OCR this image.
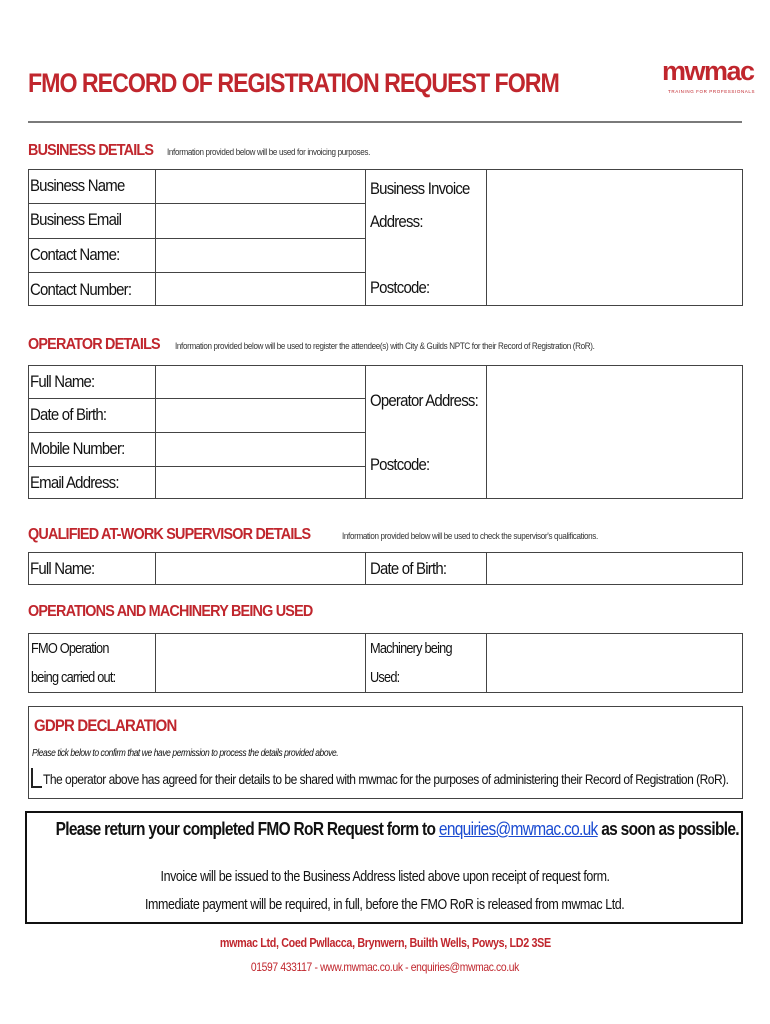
FMO RECORD OF REGISTRATION REQUEST FORM	mwmac
TRAINING FOR PROFESSIONALS
BUSINESS DETAILS Information provided below will be used for invoicing purposes.
Business Name
Business Email
Contact Name:
Contact Number:
Business Invoice
Address:
Postcode:
OPERATOR DETAILS Information provided below will be used to register the attendee(s) with City & Guilds NPTC for their Record of Registration (RoR).
Full Name:
Date of Birth:
Mobile Number:
Email Address:
Operator Address:
Postcode:
QUALIFIED AT-WORK SUPERVISOR DETAILS	Information provided below will be used to check the supervisor's qualifications.
Full Name:	Date of Birth:
OPERATIONS AND MACHINERY BEING USED
FMO Operation
being carried out:
Machinery being
Used:
GDPR DECLARATION
Please tick below to confirm that we have permission to process the details provided above.
The operator above has agreed for their details to be shared with mwmac for the purposes of administering their Record of Registration (RoR).
Please return your completed FMO RoR Request form to enquiries@mwmac.co.uk as soon as possible.
Invoice will be issued to the Business Address listed above upon receipt of request form.
Immediate payment will be required, in full, before the FMO RoR is released from mwmac Ltd.
mwmac Ltd, Coed Pwllacca, Brynwern, Builth Wells, Powys, LD2 3SE
01597 433117 - www.mwmac.co.uk - enquiries@mwmac.co.uk
